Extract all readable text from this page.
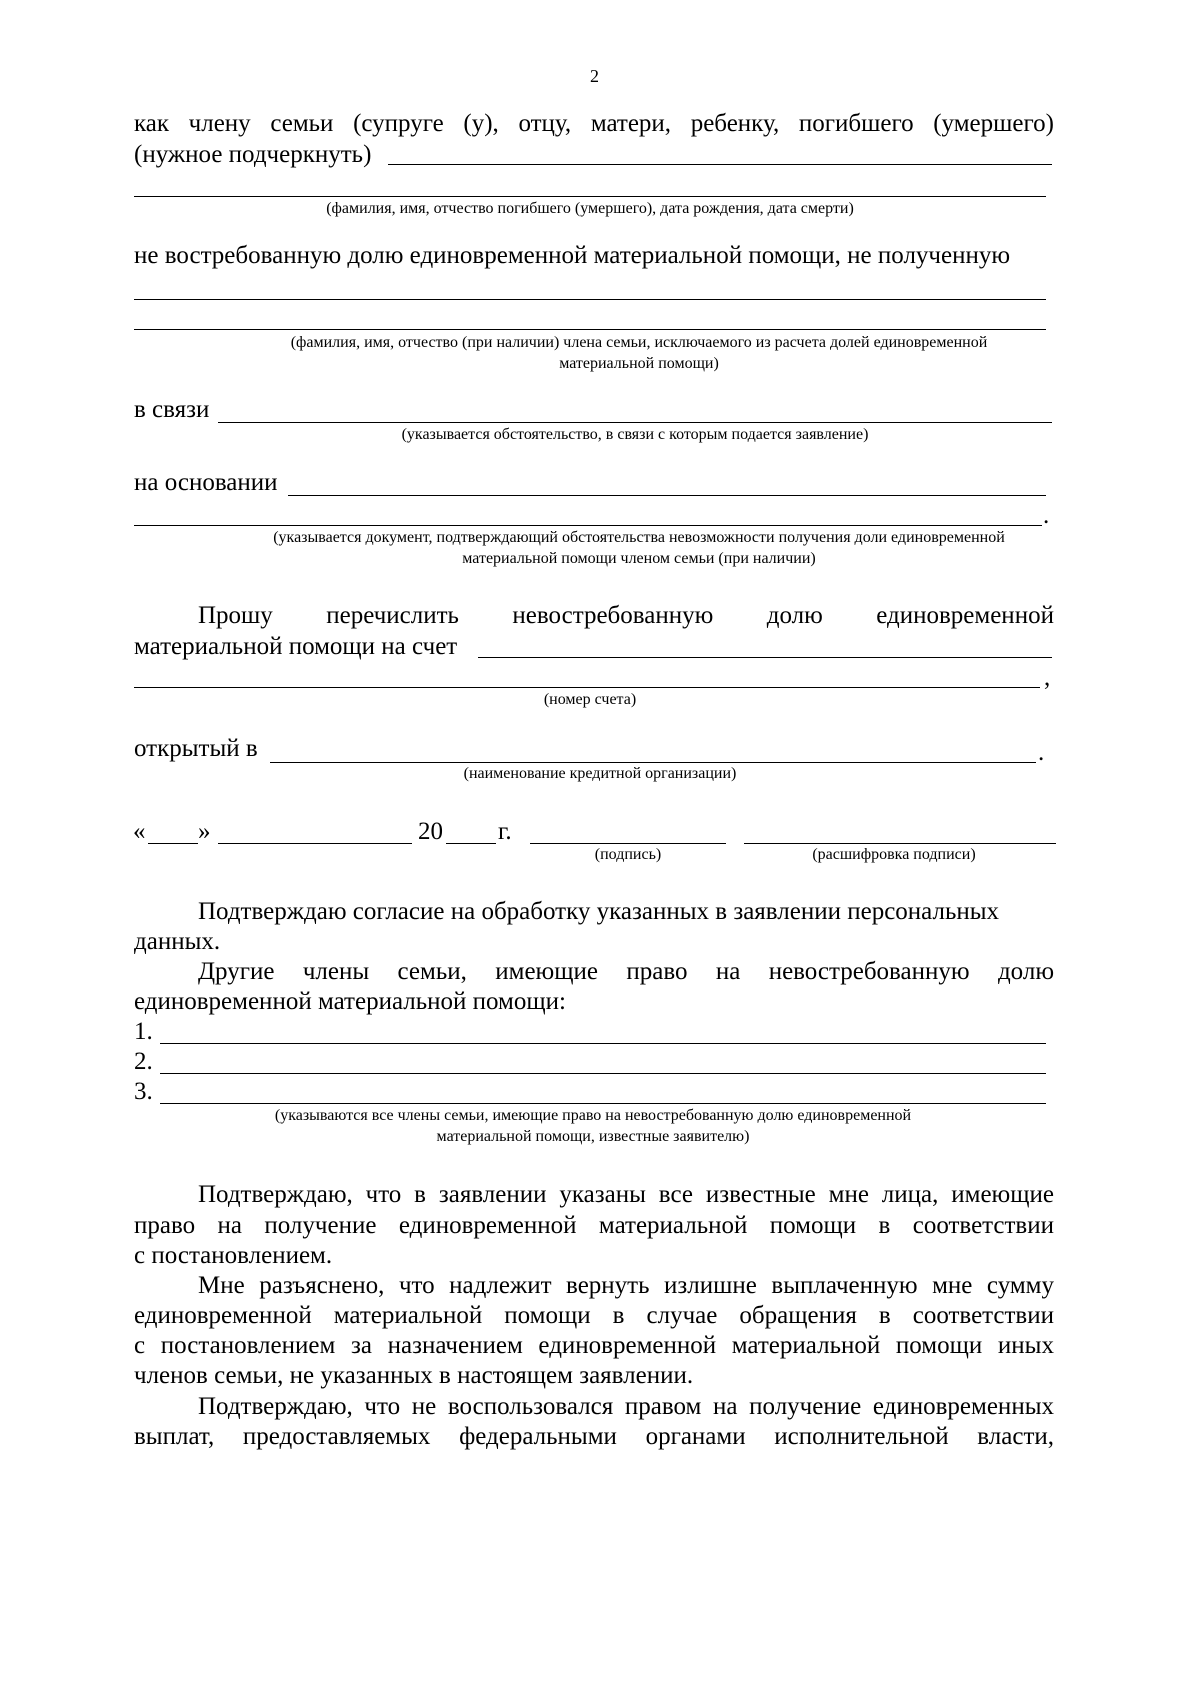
2
как члену семьи (супруге (у), отцу, матери, ребенку, погибшего (умершего)
(нужное подчеркнуть)
(фамилия, имя, отчество погибшего (умершего), дата рождения, дата смерти)
не востребованную долю единовременной материальной помощи, не полученную
(фамилия, имя, отчество (при наличии) члена семьи, исключаемого из расчета долей единовременной
материальной помощи)
в связи
(указывается обстоятельство, в связи с которым подается заявление)
на основании
.
(указывается документ, подтверждающий обстоятельства невозможности получения доли единовременной
материальной помощи членом семьи (при наличии)
Прошу перечислить невостребованную долю единовременной
материальной помощи на счет
,
(номер счета)
открытый в	.
(наименование кредитной организации)
« »	20 г.
(подпись)	(расшифровка подписи)
Подтверждаю согласие на обработку указанных в заявлении персональных
данных.
Другие члены семьи, имеющие право на невостребованную долю
единовременной материальной помощи:
1.
2.
3.
(указываются все члены семьи, имеющие право на невостребованную долю единовременной
материальной помощи, известные заявителю)
Подтверждаю, что в заявлении указаны все известные мне лица, имеющие
право на получение единовременной материальной помощи в соответствии
с постановлением.
Мне разъяснено, что надлежит вернуть излишне выплаченную мне сумму
единовременной материальной помощи в случае обращения в соответствии
с постановлением за назначением единовременной материальной помощи иных
членов семьи, не указанных в настоящем заявлении.
Подтверждаю, что не воспользовался правом на получение единовременных
выплат, предоставляемых федеральными органами исполнительной власти,
